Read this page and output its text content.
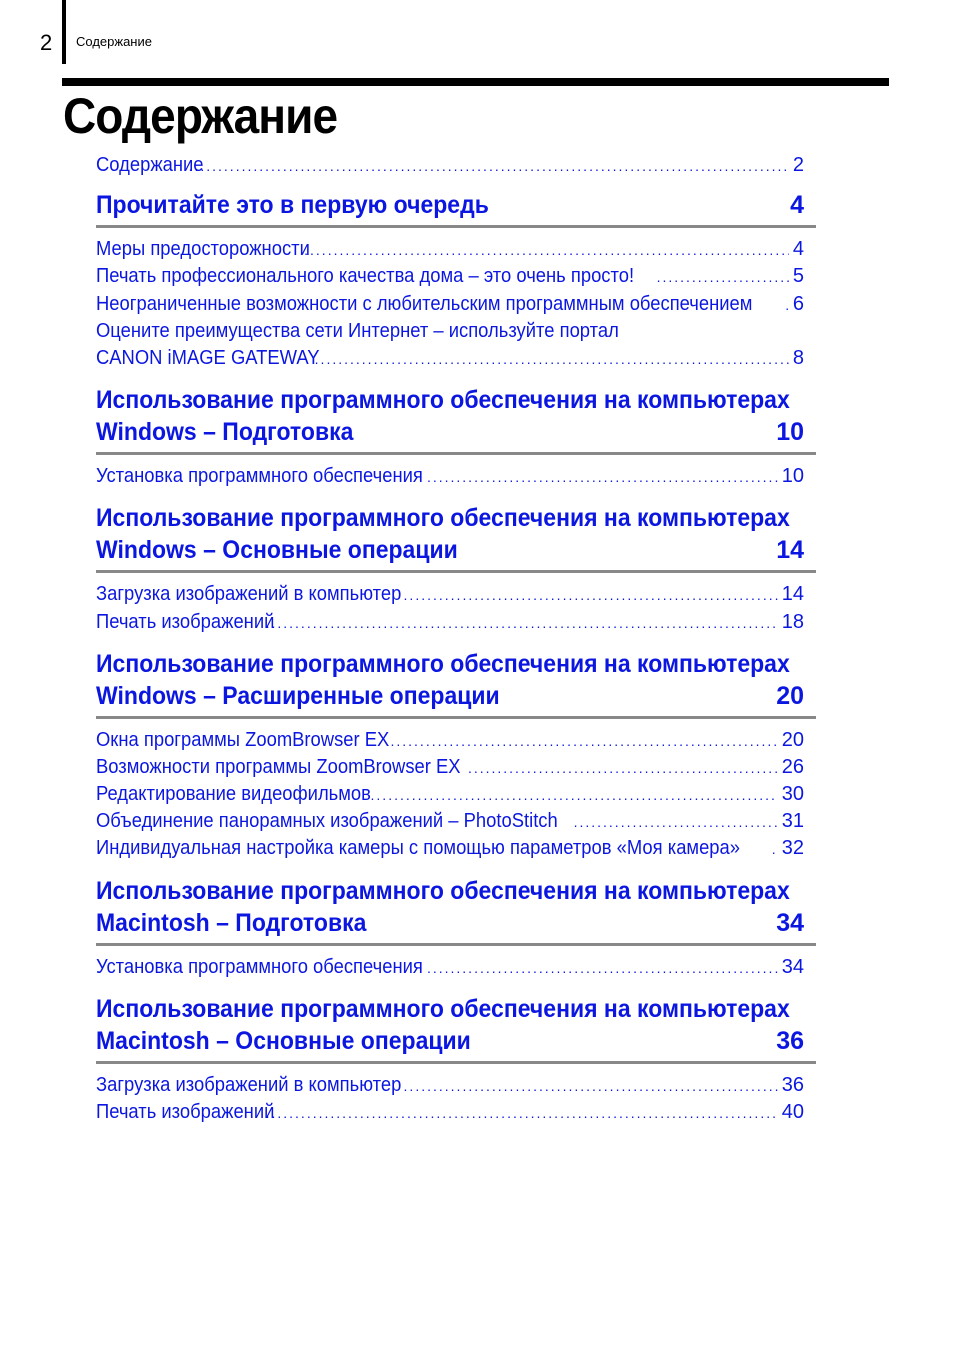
2 Содержание
Содержание
Содержание .....	2
Прочитайте это в первую очередь	4
Меры предосторожности .....	4
Печать профессионального качества дома – это очень просто! .....	5
Неограниченные возможности с любительским программным обеспечением ..... 6
Оцените преимущества сети Интернет – используйте портал
CANON iMAGE GATEWAY .....	8
Использование программного обеспечения на компьютерах
Windows – Подготовка	10
Установка программного обеспечения .....	10
Использование программного обеспечения на компьютерах
Windows – Основные операции	14
Загрузка изображений в компьютер .....	14
Печать изображений .....	18
Использование программного обеспечения на компьютерах
Windows – Расширенные операции	20
Окна программы ZoomBrowser EX .....	20
Возможности программы ZoomBrowser EX .....	26
Редактирование видеофильмов .....	30
Объединение панорамных изображений – PhotoStitch .....	31
Индивидуальная настройка камеры с помощью параметров «Моя камера» ..... 32
Использование программного обеспечения на компьютерах
Macintosh – Подготовка	34
Установка программного обеспечения .....	34
Использование программного обеспечения на компьютерах
Macintosh – Основные операции	36
Загрузка изображений в компьютер .....	36
Печать изображений .....	40
